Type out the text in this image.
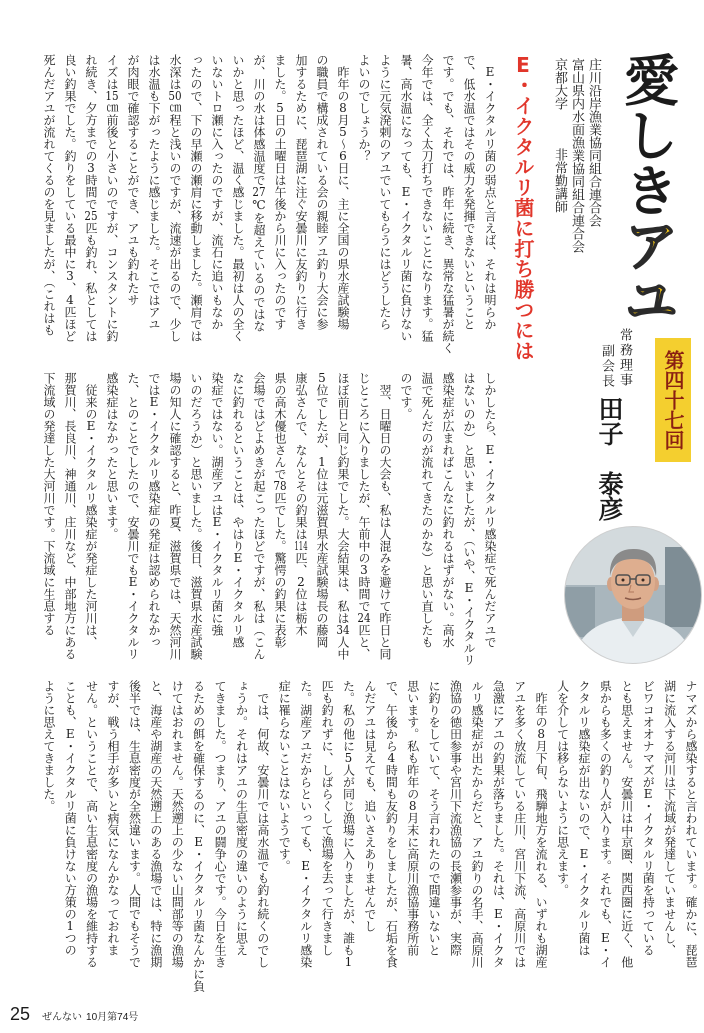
愛しきアユ
第四十七回
庄川沿岸漁業協同組合連合会
富山県内水面漁業協同組合連合会
京都大学非常勤講師
常務理事
副会長
田子　泰彦
E・イクタルリ菌に打ち勝つには
　E・イクタルリ菌の弱点と言えば、それは明らか
で、低水温ではその威力を発揮できないということ
です。でも、それでは、昨年に続き、異常な猛暑が続く
今年では、全く太刀打ちできないことになります。猛
暑、高水温になっても、E・イクタルリ菌に負けない
ように元気溌剌のアユでいてもらうにはどうしたら
よいのでしょうか？
　昨年の8月5～6日に、主に全国の県水産試験場
の職員で構成されている会の親睦アユ釣り大会に参
加するために、琵琶湖に注ぐ安曇川に友釣りに行き
ました。5日の土曜日は午後から川に入ったのです
が、川の水は体感温度で27℃を超えているのではな
いかと思ったほど、温く感じました。最初は人の全く
いないトロ瀬に入ったのですが、流石に追いもなか
ったので、下の早瀬の瀬肩に移動しました。瀬肩では
水深は50㎝程と浅いのですが、流速が出るので、少し
は水温も下がったように感じました。そこではアユ
が肉眼で確認することができ、アユも釣れたサ
イズは15㎝前後と小さいのですが、コンスタントに釣
れ続き、夕方までの3時間で25匹も釣れ、私としては
良い釣果でした。釣りをしている最中に3、4匹ほど
死んだアユが流れてくるのを見ましたが、（これはも
しかしたら、E・イクタルリ感染症で死んだアユで
はないのか）と思いましたが、（いや、E・イクタルリ
感染症が広まればこんなに釣れるはずがない。高水
温で死んだのが流れてきたのかな）と思い直したも
のです。
　翌、日曜日の大会も、私は人混みを避けて昨日と同
じところに入りましたが、午前中の3時間で24匹と、
ほぼ前日と同じ釣果でした。大会結果は、私は34人中
5位でしたが、1位は元滋賀県水産試験場長の藤岡
康弘さんで、なんとその釣果は114匹、2位は栃木
県の高木優也さんで78匹でした。驚愕の釣果に表彰
会場ではどよめきが起こったほどですが、私は（こん
なに釣れるということは、やはりE・イクタルリ感
染症ではない。湖産アユはE・イクタルリ菌に強
いのだろうか）と思いました。後日、滋賀県水産試験
場の知人に確認すると、昨夏、滋賀県では、天然河川
ではE・イクタルリ感染症の発症は認められなかっ
た、とのことでしたので、安曇川でもE・イクタルリ
感染症はなかったと思います。
　従来のE・イクタルリ感染症が発症した河川は、
那賀川、長良川、神通川、庄川など、中部地方にある
下流域の発達した大河川です。下流域に生息する
ナマズから感染すると言われています。確かに、琵琶
湖に流入する河川は下流域が発達していませんし、
ビワコオオナマズがE・イクタルリ菌を持っている
とも思えません。安曇川は中京圏、関西圏に近く、他
県からも多くの釣り人が入ります。それでも、E・イ
クタルリ感染症が出ないので、E・イクタルリ菌は
人を介しては移らないように思えます。
　昨年の8月下旬、飛騨地方を流れる、いずれも湖産
アユを多く放流している庄川、宮川下流、高原川では
急激にアユの釣果が落ちました。それは、E・イクタ
ルリ感染症が出たからだと、アユ釣りの名手、高原川
漁協の徳田参事や宮川下流漁協の長瀬参事が、実際
に釣りをしていて、そう言われたので間違いないと
思います。私も昨年の8月末に高原川漁協事務所前
で、午後から4時間も友釣りをしましたが、石垢を食
んだアユは見えても、追いさえありませんでし
た。私の他に5人が同じ漁場に入りましたが、誰も1
匹も釣れずに、しばらくして漁場を去って行きまし
た。湖産アユだからといっても、E・イクタルリ感染
症に罹らないことはないようです。
　では、何故、安曇川では高水温でも釣れ続くのでし
ょうか。それはアユの生息密度の違いのように思え
てきました。つまり、アユの闘争心です。今日を生き
るための餌を確保するのに、E・イクタルリ菌なんかに負
けてはおれません。天然遡上の少ない山間部等の漁場
と、海産や湖産の天然遡上のある漁場では、特に漁期
後半では、生息密度が全然違います。人間でもそうで
すが、戦う相手が多いと病気になんかなっておれま
せん。ということで、高い生息密度の漁場を維持する
ことも、E・イクタルリ菌に負けない方策の1つの
ように思えてきました。
25 ぜんない 10月第74号
